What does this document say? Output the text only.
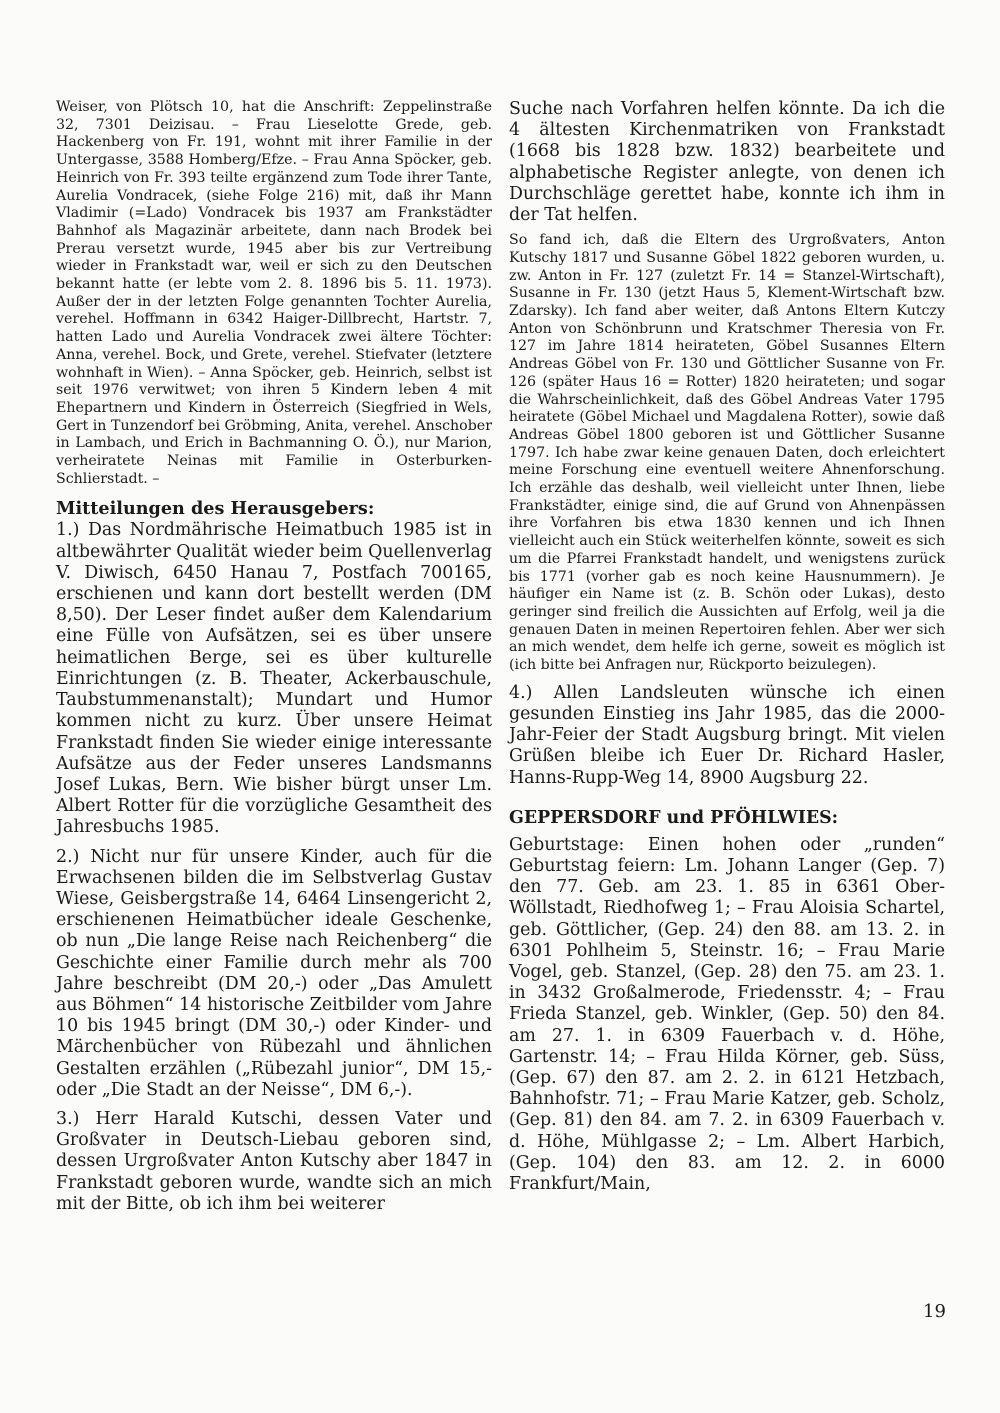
Weiser, von Plötsch 10, hat die Anschrift: Zeppelinstraße 32, 7301 Deizisau. – Frau Lieselotte Grede, geb. Hackenberg von Fr. 191, wohnt mit ihrer Familie in der Untergasse, 3588 Homberg/Efze. – Frau Anna Spöcker, geb. Heinrich von Fr. 393 teilte ergänzend zum Tode ihrer Tante, Aurelia Vondracek, (siehe Folge 216) mit, daß ihr Mann Vladimir (=Lado) Vondracek bis 1937 am Frankstädter Bahnhof als Magazinär arbeitete, dann nach Brodek bei Prerau versetzt wurde, 1945 aber bis zur Vertreibung wieder in Frankstadt war, weil er sich zu den Deutschen bekannt hatte (er lebte vom 2. 8. 1896 bis 5. 11. 1973). Außer der in der letzten Folge genannten Tochter Aurelia, verehel. Hoffmann in 6342 Haiger-Dillbrecht, Hartstr. 7, hatten Lado und Aurelia Vondracek zwei ältere Töchter: Anna, verehel. Bock, und Grete, verehel. Stiefvater (letztere wohnhaft in Wien). – Anna Spöcker, geb. Heinrich, selbst ist seit 1976 verwitwet; von ihren 5 Kindern leben 4 mit Ehepartnern und Kindern in Österreich (Siegfried in Wels, Gert in Tunzendorf bei Gröbming, Anita, verehel. Anschober in Lambach, und Erich in Bachmanning O. Ö.), nur Marion, verheiratete Neinas mit Familie in Osterburken-Schlierstadt. –

Mitteilungen des Herausgebers:

1.) Das Nordmährische Heimatbuch 1985 ist in altbewährter Qualität wieder beim Quellenverlag V. Diwisch, 6450 Hanau 7, Postfach 700165, erschienen und kann dort bestellt werden (DM 8,50). Der Leser findet außer dem Kalendarium eine Fülle von Aufsätzen, sei es über unsere heimatlichen Berge, sei es über kulturelle Einrichtungen (z. B. Theater, Ackerbauschule, Taubstummenanstalt); Mundart und Humor kommen nicht zu kurz. Über unsere Heimat Frankstadt finden Sie wieder einige interessante Aufsätze aus der Feder unseres Landsmanns Josef Lukas, Bern. Wie bisher bürgt unser Lm. Albert Rotter für die vorzügliche Gesamtheit des Jahresbuchs 1985.

2.) Nicht nur für unsere Kinder, auch für die Erwachsenen bilden die im Selbstverlag Gustav Wiese, Geisbergstraße 14, 6464 Linsengericht 2, erschienenen Heimatbücher ideale Geschenke, ob nun „Die lange Reise nach Reichenberg“ die Geschichte einer Familie durch mehr als 700 Jahre beschreibt (DM 20,-) oder „Das Amulett aus Böhmen“ 14 historische Zeitbilder vom Jahre 10 bis 1945 bringt (DM 30,-) oder Kinder- und Märchenbücher von Rübezahl und ähnlichen Gestalten erzählen („Rübezahl junior“, DM 15,- oder „Die Stadt an der Neisse“, DM 6,-).

3.) Herr Harald Kutschi, dessen Vater und Großvater in Deutsch-Liebau geboren sind, dessen Urgroßvater Anton Kutschy aber 1847 in Frankstadt geboren wurde, wandte sich an mich mit der Bitte, ob ich ihm bei weiterer

Suche nach Vorfahren helfen könnte. Da ich die 4 ältesten Kirchenmatriken von Frankstadt (1668 bis 1828 bzw. 1832) bearbeitete und alphabetische Register anlegte, von denen ich Durchschläge gerettet habe, konnte ich ihm in der Tat helfen.

So fand ich, daß die Eltern des Urgroßvaters, Anton Kutschy 1817 und Susanne Göbel 1822 geboren wurden, u. zw. Anton in Fr. 127 (zuletzt Fr. 14 = Stanzel-Wirtschaft), Susanne in Fr. 130 (jetzt Haus 5, Klement-Wirtschaft bzw. Zdarsky). Ich fand aber weiter, daß Antons Eltern Kutczy Anton von Schönbrunn und Kratschmer Theresia von Fr. 127 im Jahre 1814 heirateten, Göbel Susannes Eltern Andreas Göbel von Fr. 130 und Göttlicher Susanne von Fr. 126 (später Haus 16 = Rotter) 1820 heirateten; und sogar die Wahrscheinlichkeit, daß des Göbel Andreas Vater 1795 heiratete (Göbel Michael und Magdalena Rotter), sowie daß Andreas Göbel 1800 geboren ist und Göttlicher Susanne 1797. Ich habe zwar keine genauen Daten, doch erleichtert meine Forschung eine eventuell weitere Ahnenforschung. Ich erzähle das deshalb, weil vielleicht unter Ihnen, liebe Frankstädter, einige sind, die auf Grund von Ahnenpässen ihre Vorfahren bis etwa 1830 kennen und ich Ihnen vielleicht auch ein Stück weiterhelfen könnte, soweit es sich um die Pfarrei Frankstadt handelt, und wenigstens zurück bis 1771 (vorher gab es noch keine Hausnummern). Je häufiger ein Name ist (z. B. Schön oder Lukas), desto geringer sind freilich die Aussichten auf Erfolg, weil ja die genauen Daten in meinen Repertoiren fehlen. Aber wer sich an mich wendet, dem helfe ich gerne, soweit es möglich ist (ich bitte bei Anfragen nur, Rückporto beizulegen).

4.) Allen Landsleuten wünsche ich einen gesunden Einstieg ins Jahr 1985, das die 2000-Jahr-Feier der Stadt Augsburg bringt. Mit vielen Grüßen bleibe ich Euer Dr. Richard Hasler, Hanns-Rupp-Weg 14, 8900 Augsburg 22.

GEPPERSDORF und PFÖHLWIES:

Geburtstage: Einen hohen oder „runden“ Geburtstag feiern: Lm. Johann Langer (Gep. 7) den 77. Geb. am 23. 1. 85 in 6361 Ober-Wöllstadt, Riedhofweg 1; – Frau Aloisia Schartel, geb. Göttlicher, (Gep. 24) den 88. am 13. 2. in 6301 Pohlheim 5, Steinstr. 16; – Frau Marie Vogel, geb. Stanzel, (Gep. 28) den 75. am 23. 1. in 3432 Großalmerode, Friedensstr. 4; – Frau Frieda Stanzel, geb. Winkler, (Gep. 50) den 84. am 27. 1. in 6309 Fauerbach v. d. Höhe, Gartenstr. 14; – Frau Hilda Körner, geb. Süss, (Gep. 67) den 87. am 2. 2. in 6121 Hetzbach, Bahnhofstr. 71; – Frau Marie Katzer, geb. Scholz, (Gep. 81) den 84. am 7. 2. in 6309 Fauerbach v. d. Höhe, Mühlgasse 2; – Lm. Albert Harbich, (Gep. 104) den 83. am 12. 2. in 6000 Frankfurt/Main,

19
